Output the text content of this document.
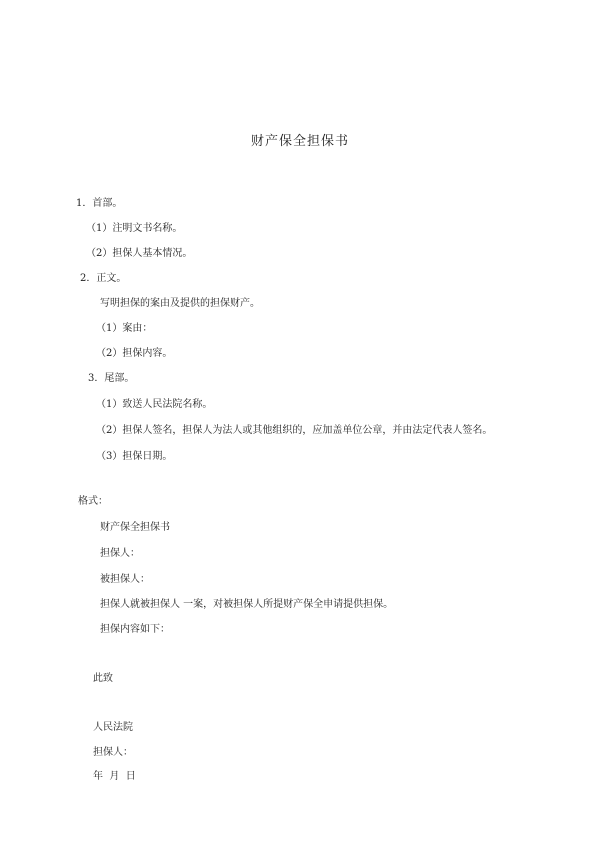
财产保全担保书
1．首部。
（1）注明文书名称。
（2）担保人基本情况。
2．正文。
写明担保的案由及提供的担保财产。
（1）案由：
（2）担保内容。
3．尾部。
（1）致送人民法院名称。
（2）担保人签名，担保人为法人或其他组织的，应加盖单位公章，并由法定代表人签名。
（3）担保日期。
格式：
财产保全担保书
担保人：
被担保人：
担保人就被担保人 一案，对被担保人所提财产保全申请提供担保。
担保内容如下：
此致
人民法院
担保人：
年  月  日
